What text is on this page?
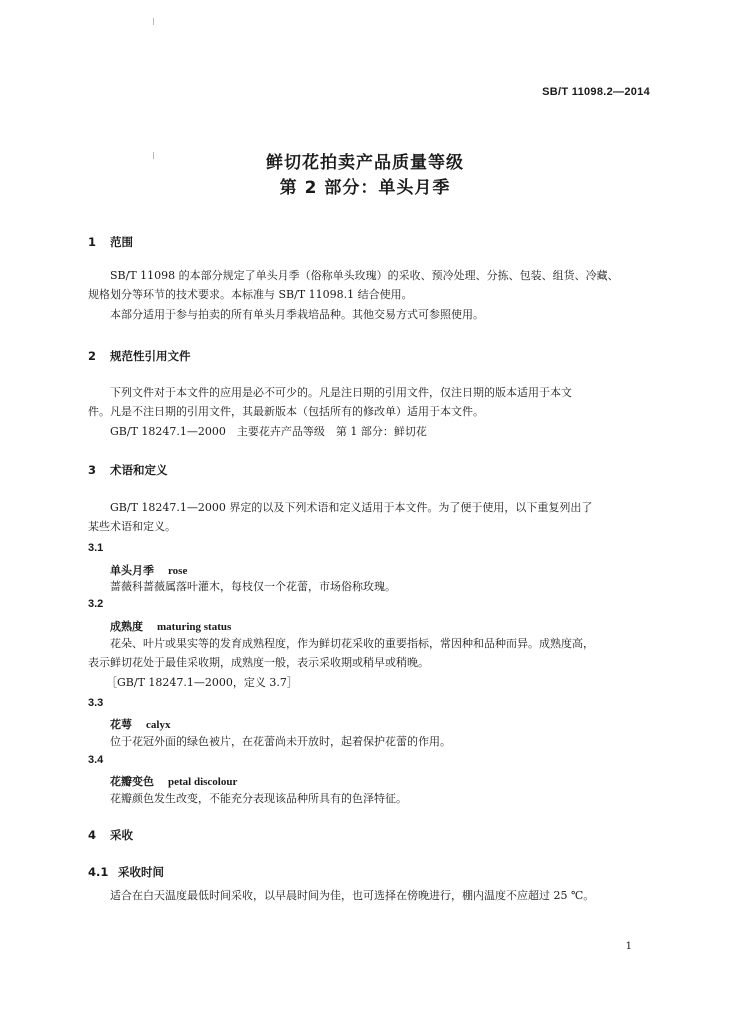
SB/T 11098.2—2014
鲜切花拍卖产品质量等级
第 2 部分：单头月季
1 范围
SB/T 11098 的本部分规定了单头月季（俗称单头玫瑰）的采收、预冷处理、分拣、包装、组货、冷藏、
规格划分等环节的技术要求。本标准与 SB/T 11098.1 结合使用。
本部分适用于参与拍卖的所有单头月季栽培品种。其他交易方式可参照使用。
2 规范性引用文件
下列文件对于本文件的应用是必不可少的。凡是注日期的引用文件，仅注日期的版本适用于本文
件。凡是不注日期的引用文件，其最新版本（包括所有的修改单）适用于本文件。
GB/T 18247.1—2000　主要花卉产品等级　第 1 部分：鲜切花
3 术语和定义
GB/T 18247.1—2000 界定的以及下列术语和定义适用于本文件。为了便于使用，以下重复列出了
某些术语和定义。
3.1
单头月季 rose
蔷薇科蔷薇属落叶灌木，每枝仅一个花蕾，市场俗称玫瑰。
3.2
成熟度 maturing status
花朵、叶片或果实等的发育成熟程度，作为鲜切花采收的重要指标，常因种和品种而异。成熟度高，
表示鲜切花处于最佳采收期，成熟度一般，表示采收期或稍早或稍晚。
［GB/T 18247.1—2000，定义 3.7］
3.3
花萼 calyx
位于花冠外面的绿色被片，在花蕾尚未开放时，起着保护花蕾的作用。
3.4
花瓣变色 petal discolour
花瓣颜色发生改变，不能充分表现该品种所具有的色泽特征。
4 采收
4.1 采收时间
适合在白天温度最低时间采收，以早晨时间为佳，也可选择在傍晚进行，棚内温度不应超过 25 ℃。
1
